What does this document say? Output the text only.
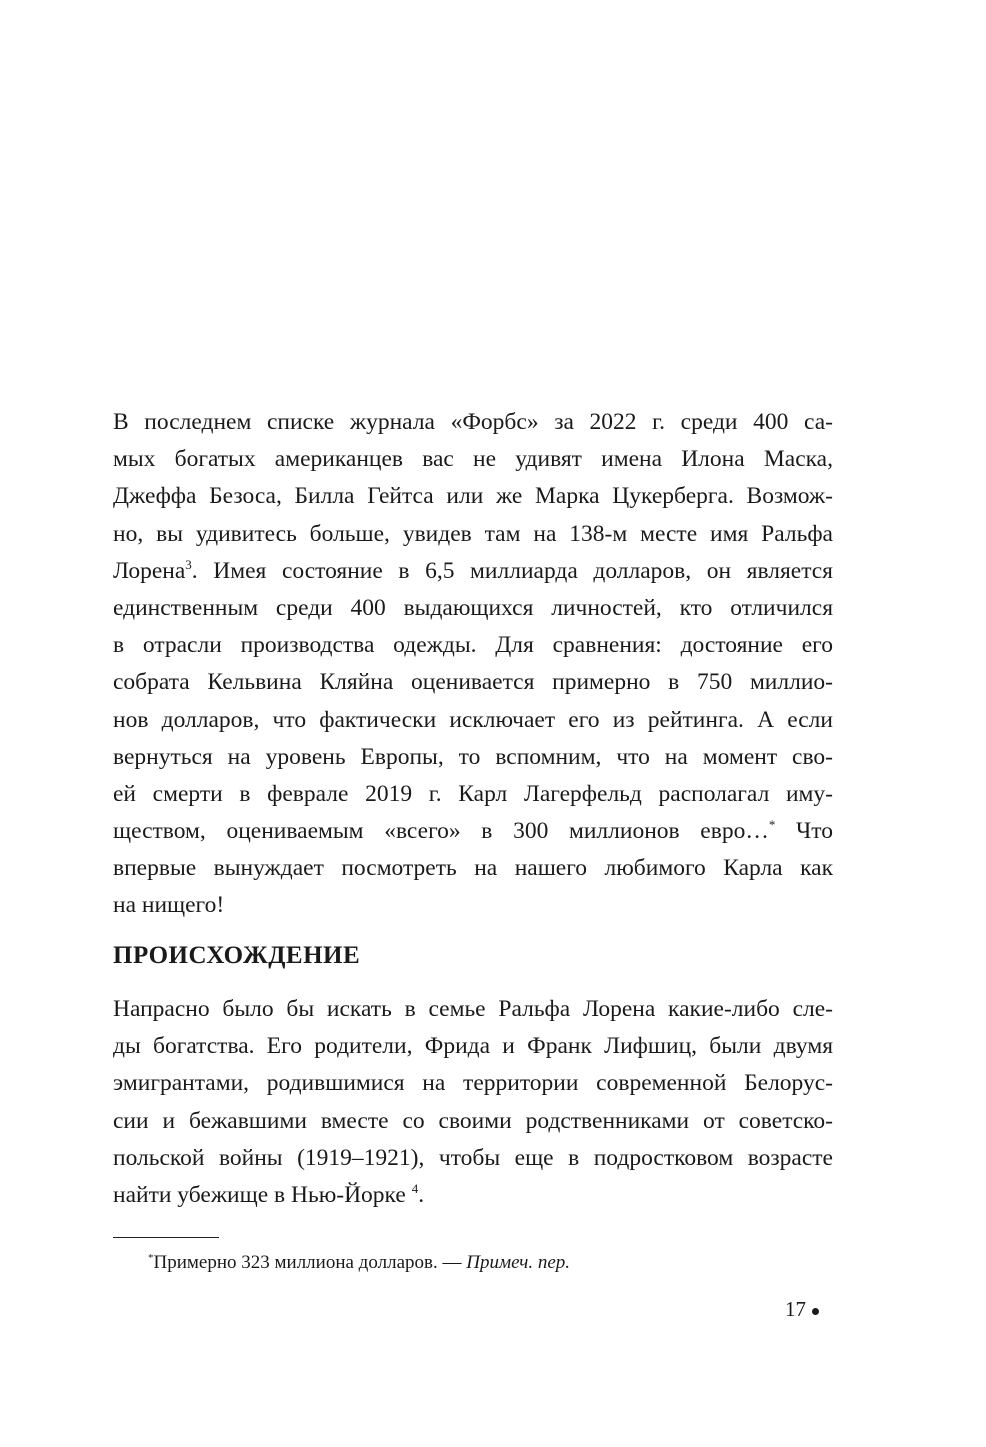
В последнем списке журнала «Форбс» за 2022 г. среди 400 са-
мых богатых американцев вас не удивят имена Илона Маска,
Джеффа Безоса, Билла Гейтса или же Марка Цукерберга. Возмож-
но, вы удивитесь больше, увидев там на 138-м месте имя Ральфа
Лорена$^3$. Имея состояние в 6,5 миллиарда долларов, он является
единственным среди 400 выдающихся личностей, кто отличился
в отрасли производства одежды. Для сравнения: достояние его
собрата Кельвина Кляйна оценивается примерно в 750 миллио-
нов долларов, что фактически исключает его из рейтинга. А если
вернуться на уровень Европы, то вспомним, что на момент сво-
ей смерти в феврале 2019 г. Карл Лагерфельд располагал иму-
ществом, оцениваемым «всего» в 300 миллионов евро…* Что
впервые вынуждает посмотреть на нашего любимого Карла как
на нищего!
ПРОИСХОЖДЕНИЕ
Напрасно было бы искать в семье Ральфа Лорена какие-либо сле-
ды богатства. Его родители, Фрида и Франк Лифшиц, были двумя
эмигрантами, родившимися на территории современной Белорус-
сии и бежавшими вместе со своими родственниками от советско-
польской войны (1919–1921), чтобы еще в подростковом возрасте
найти убежище в Нью-Йорке $^4$.
*Примерно 323 миллиона долларов. — Примеч. пер.
17
